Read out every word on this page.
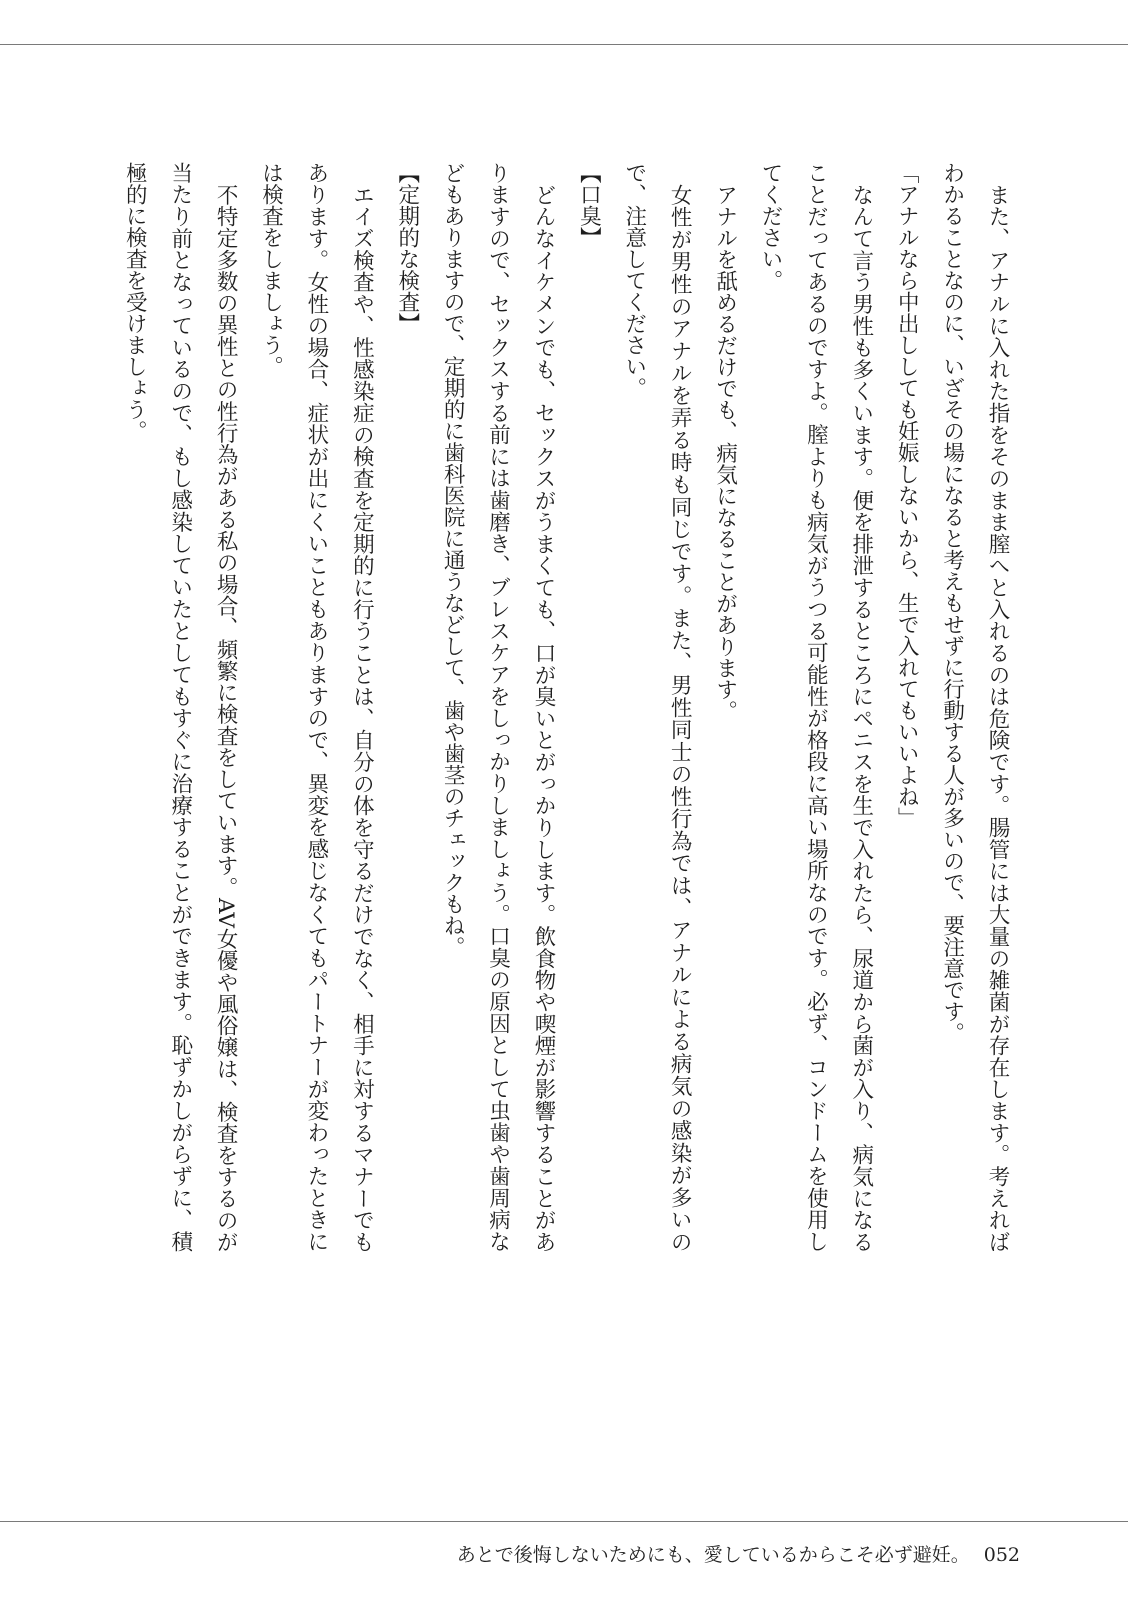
また、アナルに入れた指をそのまま膣へと入れるのは危険です。腸管には大量の雑菌が存在します。考えればわかることなのに、いざその場になると考えもせずに行動する人が多いので、要注意です。

「アナルなら中出ししても妊娠しないから、生で入れてもいいよね」

なんて言う男性も多くいます。便を排泄するところにペニスを生で入れたら、尿道から菌が入り、病気になることだってあるのですよ。膣よりも病気がうつる可能性が格段に高い場所なのです。必ず、コンドームを使用してください。

アナルを舐めるだけでも、病気になることがあります。

女性が男性のアナルを弄る時も同じです。また、男性同士の性行為では、アナルによる病気の感染が多いので、注意してください。

【口臭】

どんなイケメンでも、セックスがうまくても、口が臭いとがっかりします。飲食物や喫煙が影響することがありますので、セックスする前には歯磨き、ブレスケアをしっかりしましょう。口臭の原因として虫歯や歯周病などもありますので、定期的に歯科医院に通うなどして、歯や歯茎のチェックもね。

【定期的な検査】

エイズ検査や、性感染症の検査を定期的に行うことは、自分の体を守るだけでなく、相手に対するマナーでもあります。女性の場合、症状が出にくいこともありますので、異変を感じなくてもパートナーが変わったときには検査をしましょう。

不特定多数の異性との性行為がある私の場合、頻繁に検査をしています。AV女優や風俗嬢は、検査をするのが当たり前となっているので、もし感染していたとしてもすぐに治療することができます。恥ずかしがらずに、積極的に検査を受けましょう。

あとで後悔しないためにも、愛しているからこそ必ず避妊。 052
